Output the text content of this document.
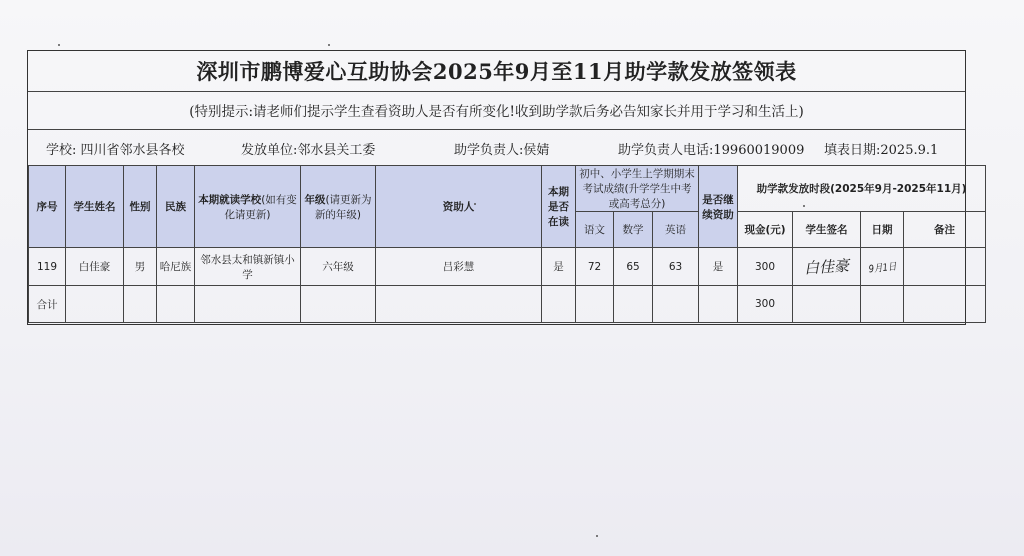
深圳市鹏博爱心互助协会2025年9月至11月助学款发放签领表
(特别提示:请老师们提示学生查看资助人是否有所变化!收到助学款后务必告知家长并用于学习和生活上)
学校: 四川省邻水县各校	发放单位:邻水县关工委	助学负责人:侯婧	助学负责人电话:19960019009 填表日期:2025.9.1
序号	学生姓名	性别	民族	本期就读学校(如有变化请更新)	年级(请更新为新的年级)	资助人	本期是否在读	初中、小学生上学期期末考试成绩(升学学生中考或高考总分)			是否继续资助	助学款发放时段(2025年9月-2025年11月)			
								语文	数学	英语		现金(元)	学生签名	日期	备注
119	白佳豪	男	哈尼族	邻水县太和镇新镇小学	六年级	吕彩慧	是	72	65	63	是	300	白佳豪	9月1日	
合计												300			
